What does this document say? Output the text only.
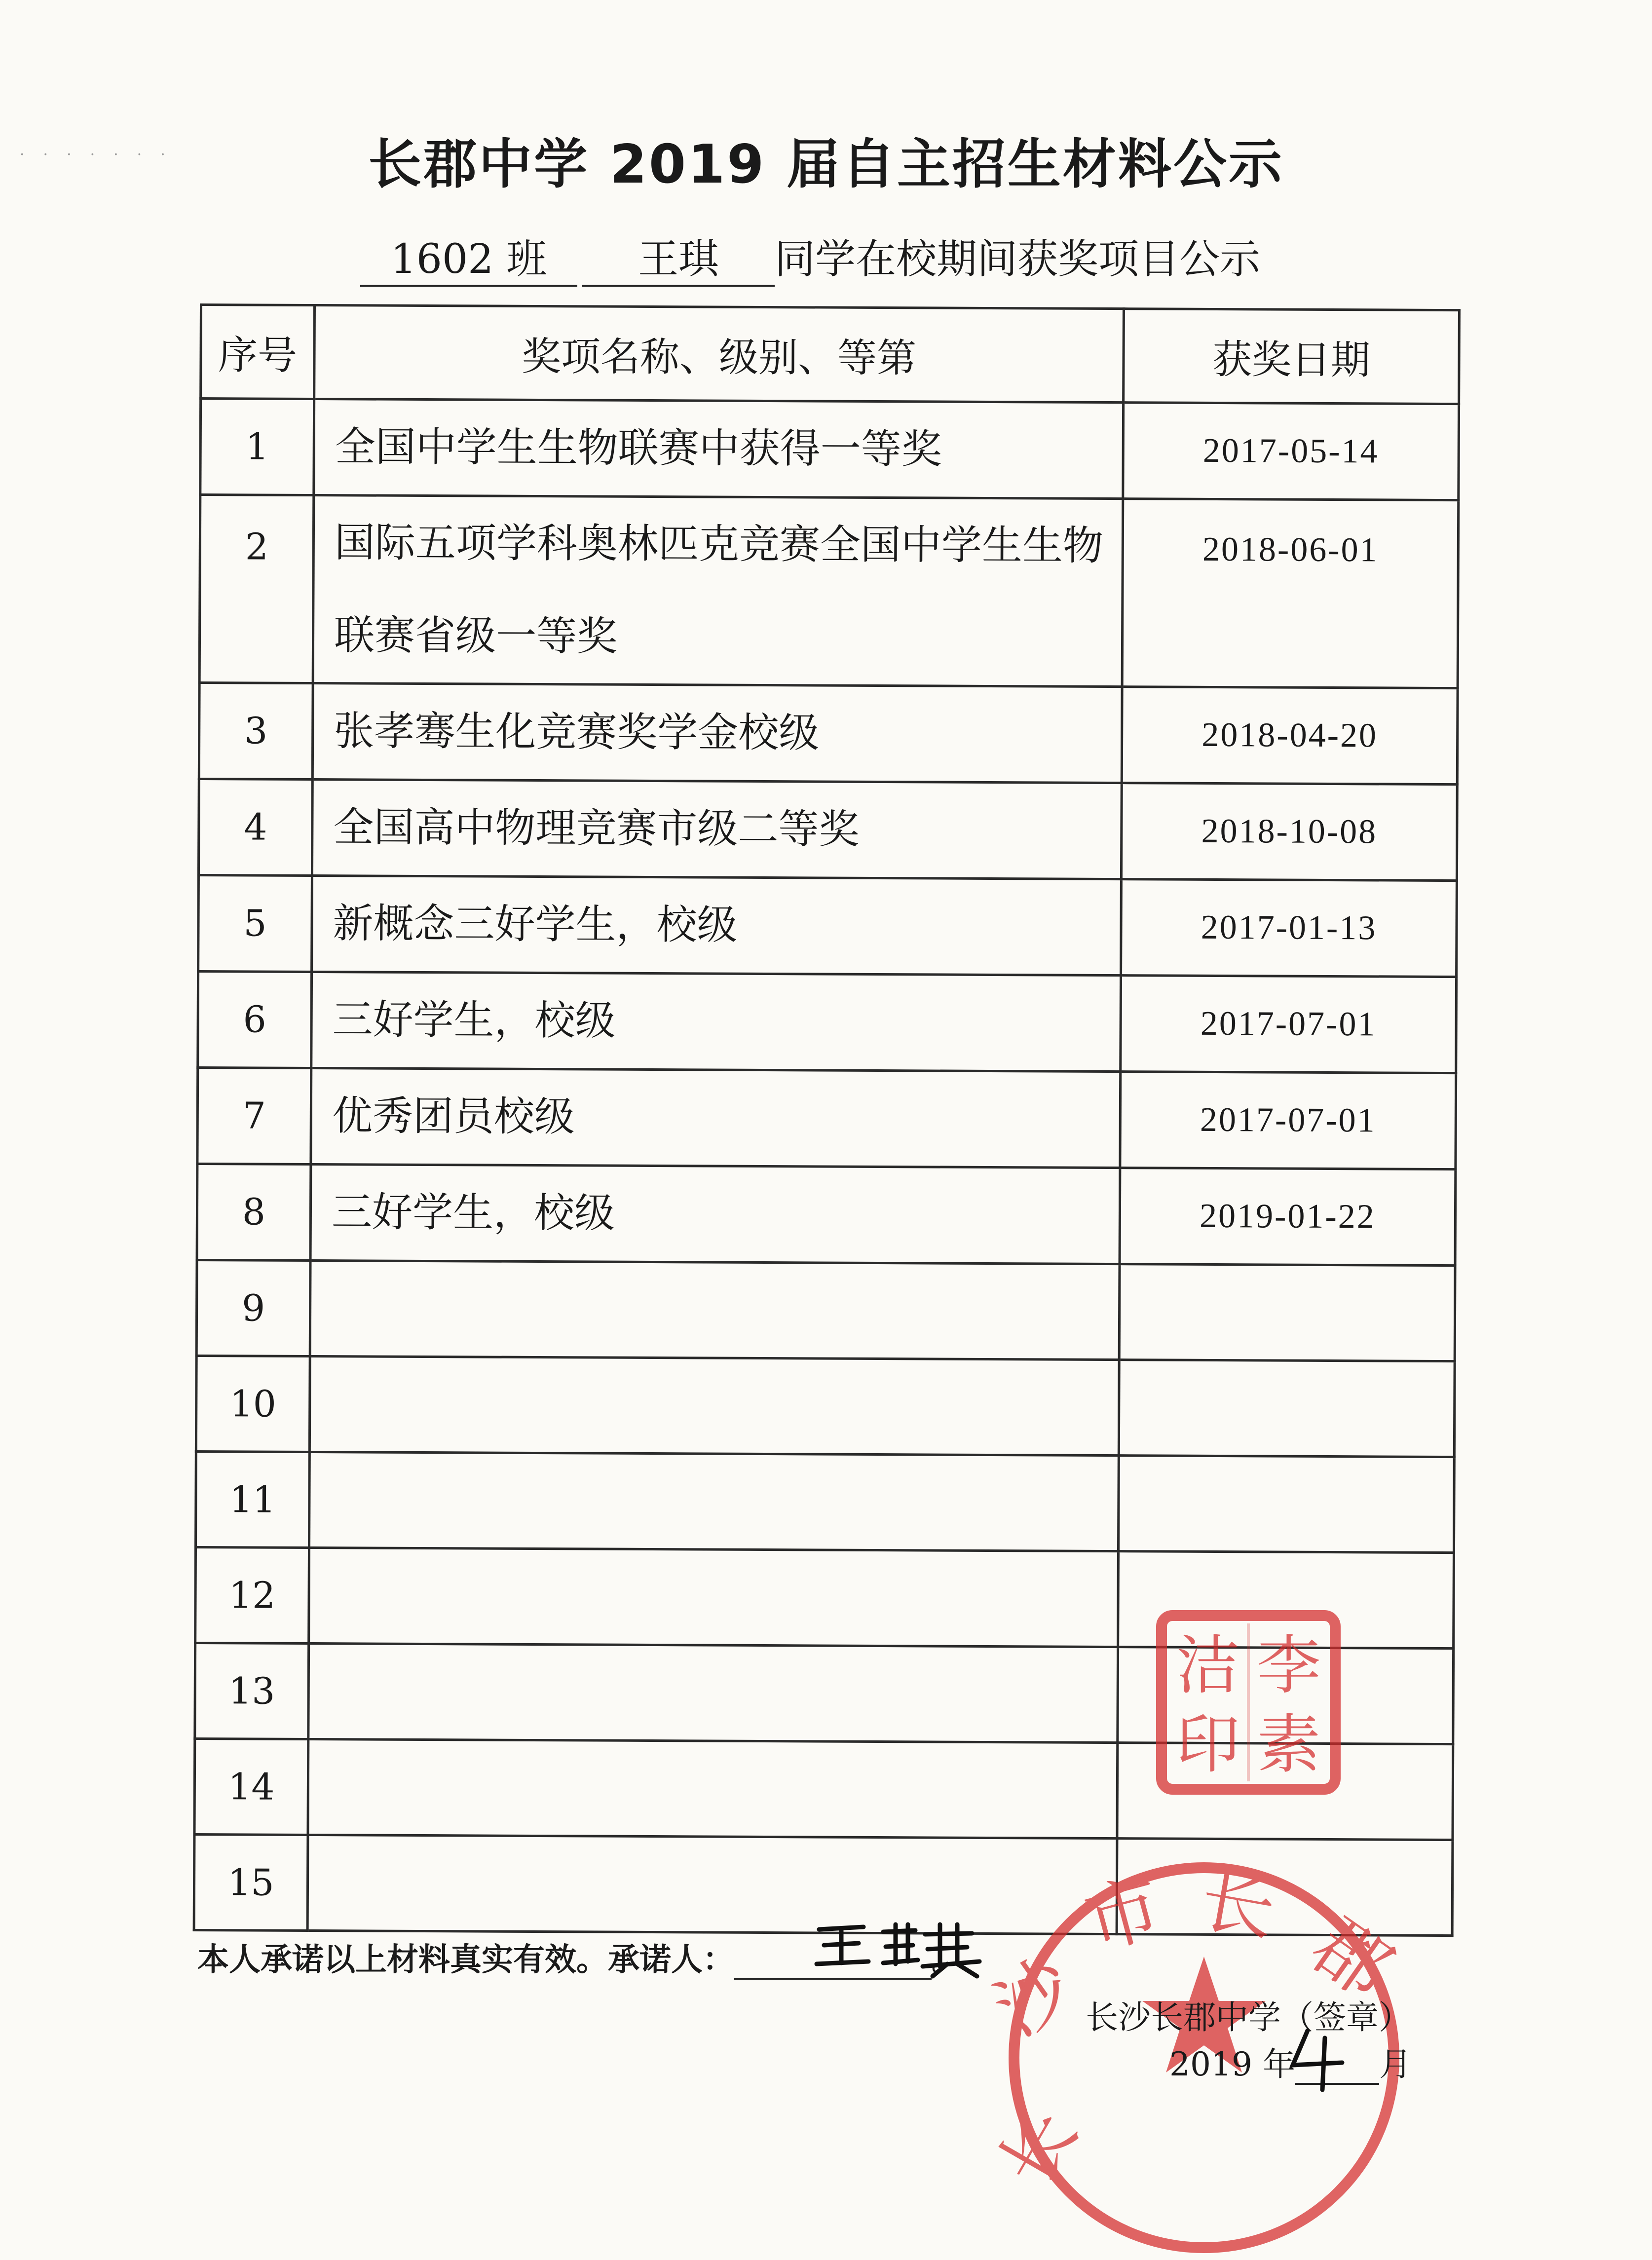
·······	长郡中学 2019 届自主招生材料公示
1602 班 王琪 同学在校期间获奖项目公示
序号	奖项名称、级别、等第	获奖日期
1	全国中学生生物联赛中获得一等奖	2017-05-14
2	国际五项学科奥林匹克竞赛全国中学生生物联赛省级一等奖	2018-06-01
3	张孝骞生化竞赛奖学金校级	2018-04-20
4	全国高中物理竞赛市级二等奖	2018-10-08
5	新概念三好学生，校级	2017-01-13
6	三好学生，校级	2017-07-01
7	优秀团员校级	2017-07-01
8	三好学生，校级	2019-01-22
9		
10		
11		
12		
13		
14		
15		
李
素
洁
印
本人承诺以上材料真实有效。承诺人：	。
长
沙
市 长 郡
长沙长郡中学（签章）
2019 年	月
